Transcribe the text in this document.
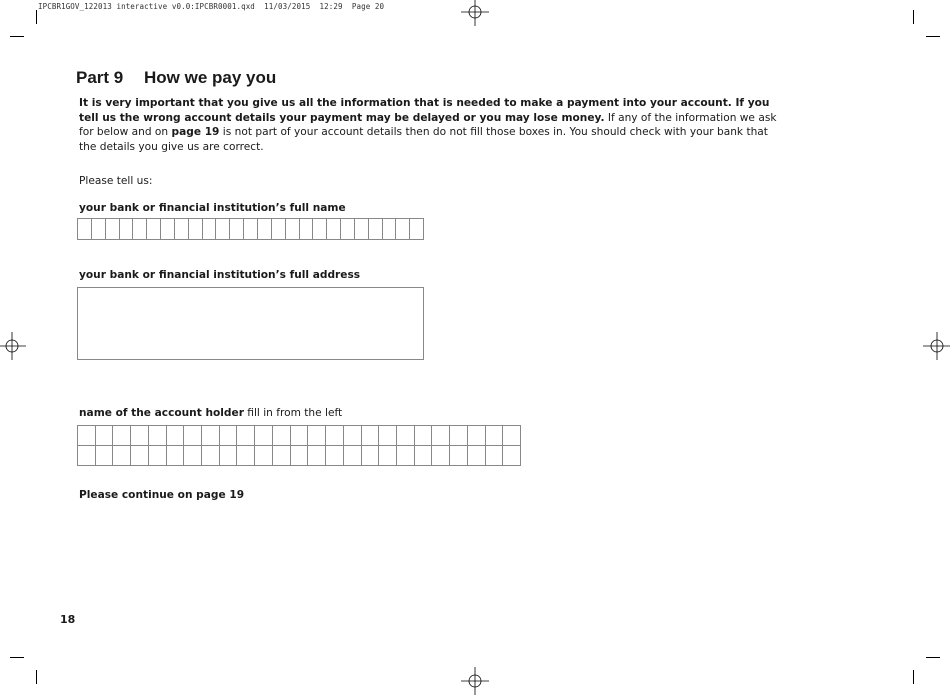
IPCBR1GOV_122013 interactive v0.0:IPCBR0001.qxd  11/03/2015  12:29  Page 20
Part 9 How we pay you
It is very important that you give us all the information that is needed to make a payment into your account. If you tell us the wrong account details your payment may be delayed or you may lose money. If any of the information we ask for below and on page 19 is not part of your account details then do not fill those boxes in. You should check with your bank that the details you give us are correct.
Please tell us:
your bank or financial institution’s full name
your bank or financial institution’s full address
name of the account holder fill in from the left
Please continue on page 19
18
